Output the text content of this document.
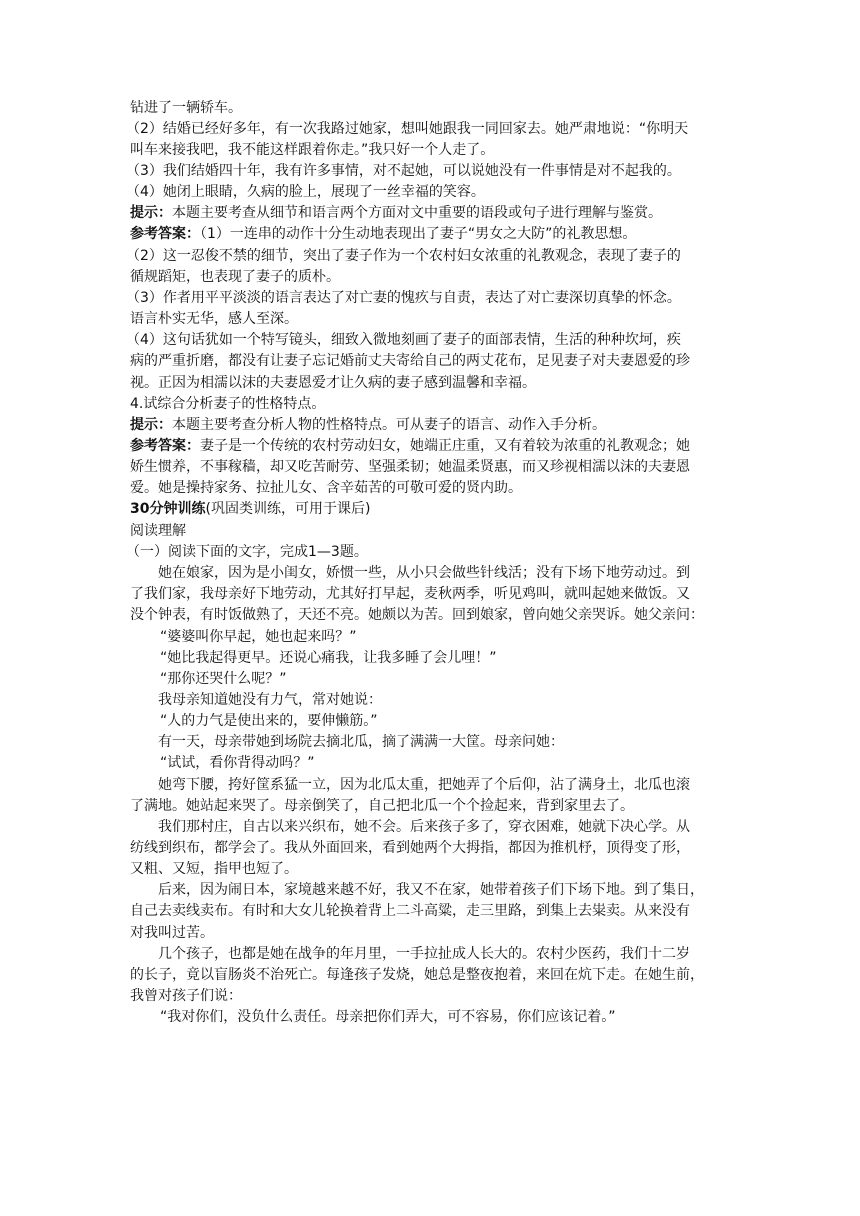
钻进了一辆轿车。
（2）结婚已经好多年，有一次我路过她家，想叫她跟我一同回家去。她严肃地说：“你明天
叫车来接我吧，我不能这样跟着你走。”我只好一个人走了。
（3）我们结婚四十年，我有许多事情，对不起她，可以说她没有一件事情是对不起我的。
（4）她闭上眼睛，久病的脸上，展现了一丝幸福的笑容。
提示：本题主要考查从细节和语言两个方面对文中重要的语段或句子进行理解与鉴赏。
参考答案：（1）一连串的动作十分生动地表现出了妻子“男女之大防”的礼教思想。
（2）这一忍俊不禁的细节，突出了妻子作为一个农村妇女浓重的礼教观念，表现了妻子的
循规蹈矩，也表现了妻子的质朴。
（3）作者用平平淡淡的语言表达了对亡妻的愧疚与自责，表达了对亡妻深切真挚的怀念。
语言朴实无华，感人至深。
（4）这句话犹如一个特写镜头，细致入微地刻画了妻子的面部表情，生活的种种坎坷，疾
病的严重折磨，都没有让妻子忘记婚前丈夫寄给自己的两丈花布，足见妻子对夫妻恩爱的珍
视。正因为相濡以沫的夫妻恩爱才让久病的妻子感到温馨和幸福。
4.试综合分析妻子的性格特点。
提示：本题主要考查分析人物的性格特点。可从妻子的语言、动作入手分析。
参考答案：妻子是一个传统的农村劳动妇女，她端正庄重，又有着较为浓重的礼教观念；她
娇生惯养，不事稼穑，却又吃苦耐劳、坚强柔韧；她温柔贤惠，而又珍视相濡以沫的夫妻恩
爱。她是操持家务、拉扯儿女、含辛茹苦的可敬可爱的贤内助。
30分钟训练(巩固类训练，可用于课后)
阅读理解
（一）阅读下面的文字，完成1—3题。
她在娘家，因为是小闺女，娇惯一些，从小只会做些针线活；没有下场下地劳动过。到
了我们家，我母亲好下地劳动，尤其好打早起，麦秋两季，听见鸡叫，就叫起她来做饭。又
没个钟表，有时饭做熟了，天还不亮。她颇以为苦。回到娘家，曾向她父亲哭诉。她父亲问：
“婆婆叫你早起，她也起来吗？”
“她比我起得更早。还说心痛我，让我多睡了会儿哩！”
“那你还哭什么呢？”
我母亲知道她没有力气，常对她说：
“人的力气是使出来的，要伸懒筋。”
有一天，母亲带她到场院去摘北瓜，摘了满满一大筐。母亲问她：
“试试，看你背得动吗？”
她弯下腰，挎好筐系猛一立，因为北瓜太重，把她弄了个后仰，沾了满身土，北瓜也滚
了满地。她站起来哭了。母亲倒笑了，自己把北瓜一个个捡起来，背到家里去了。
我们那村庄，自古以来兴织布，她不会。后来孩子多了，穿衣困难，她就下决心学。从
纺线到织布，都学会了。我从外面回来，看到她两个大拇指，都因为推机杼，顶得变了形，
又粗、又短，指甲也短了。
后来，因为闹日本，家境越来越不好，我又不在家，她带着孩子们下场下地。到了集日，
自己去卖线卖布。有时和大女儿轮换着背上二斗高粱，走三里路，到集上去粜卖。从来没有
对我叫过苦。
几个孩子，也都是她在战争的年月里，一手拉扯成人长大的。农村少医药，我们十二岁
的长子，竟以盲肠炎不治死亡。每逢孩子发烧，她总是整夜抱着，来回在炕下走。在她生前，
我曾对孩子们说：
“我对你们，没负什么责任。母亲把你们弄大，可不容易，你们应该记着。”
